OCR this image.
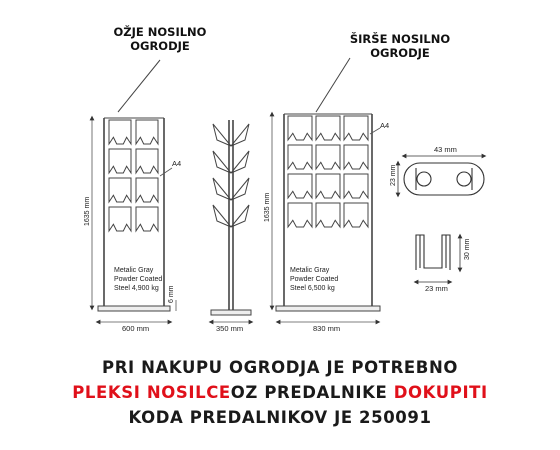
1635 mm
600 mm
6 mm
A4
Metalic Gray
Powder Coated
Steel 4,900 kg
350 mm
1635 mm
830 mm
A4
Metalic Gray
Powder Coated
Steel 6,500 kg
43 mm
23 mm
30 mm
23 mm
OŽJE NOSILNO
OGRODJE	ŠIRŠE NOSILNO
OGRODJE
PRI NAKUPU OGRODJA JE POTREBNO
PLEKSI NOSILCEOZ PREDALNIKE DOKUPITI
KODA PREDALNIKOV JE 250091
